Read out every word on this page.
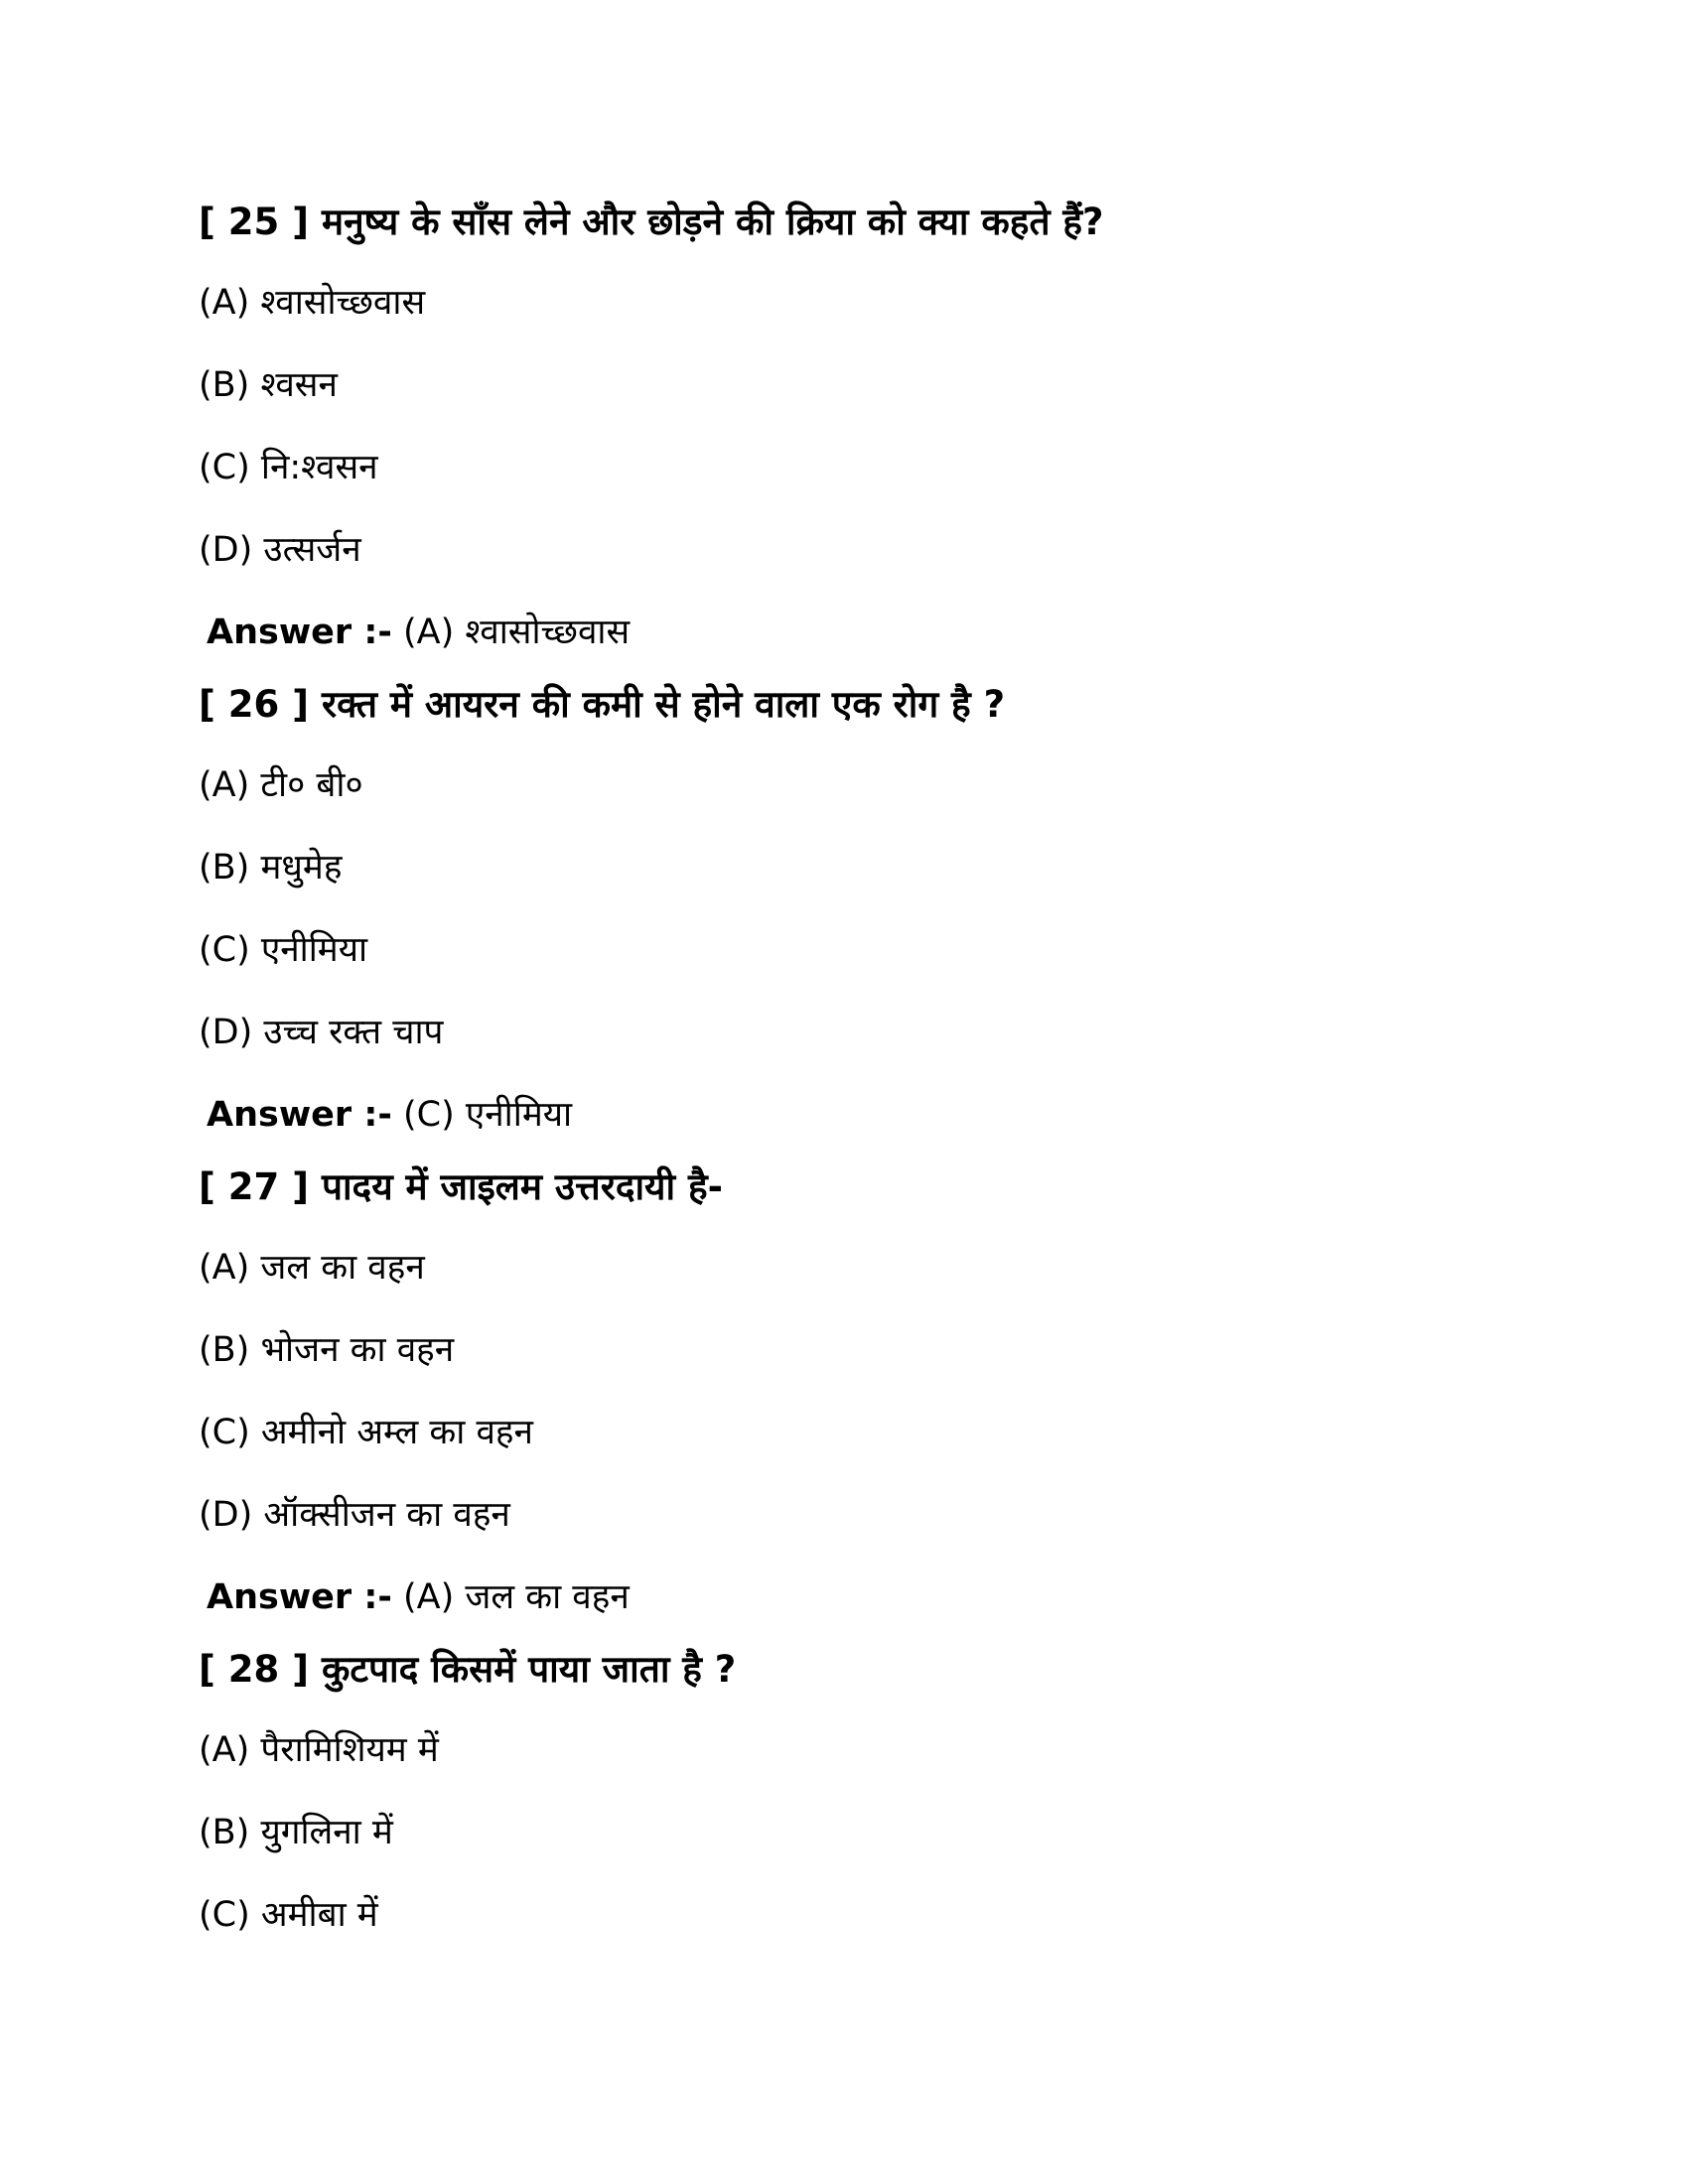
[ 25 ] मनुष्य के साँस लेने और छोड़ने की क्रिया को क्या कहते हैं?
(A) श्वासोच्छवास
(B) श्वसन
(C) नि:श्वसन
(D) उत्सर्जन
Answer :- (A) श्वासोच्छवास
[ 26 ] रक्त में आयरन की कमी से होने वाला एक रोग है ?
(A) टी० बी०
(B) मधुमेह
(C) एनीमिया
(D) उच्च रक्त चाप
Answer :- (C) एनीमिया
[ 27 ] पादय में जाइलम उत्तरदायी है-
(A) जल का वहन
(B) भोजन का वहन
(C) अमीनो अम्ल का वहन
(D) ऑक्सीजन का वहन
Answer :- (A) जल का वहन
[ 28 ] कुटपाद किसमें पाया जाता है ?
(A) पैरामिशियम में
(B) युगलिना में
(C) अमीबा में
